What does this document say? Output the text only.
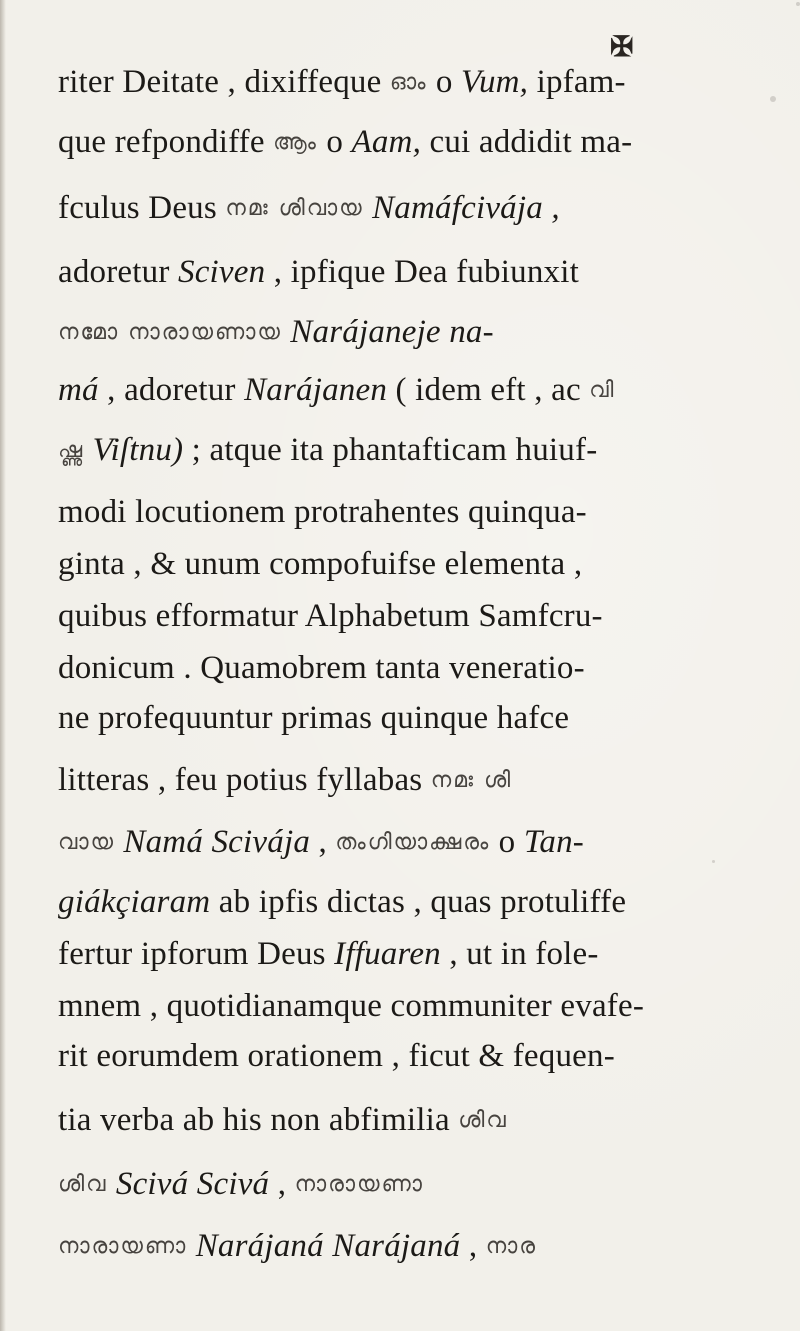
✠
riter Deitate , dixiffeque ഓം o Vum, ipfam-
que refpondiffe ആം o Aam, cui addidit ma-
fculus Deus നമഃ ശിവായ Namáfcivája ,
adoretur Sciven , ipfique Dea fubiunxit
നമോ നാരായണായ Narájaneje na-
má , adoretur Narájanen ( idem eft , ac വി
ഷ്ണു Viſtnu) ; atque ita phantafticam huiuf-
modi locutionem protrahentes quinqua-
ginta , & unum compofuifse elementa ,
quibus efformatur Alphabetum Samfcru-
donicum . Quamobrem tanta veneratio-
ne profequuntur primas quinque hafce
litteras , feu potius fyllabas നമഃ ശി
വായ Namá Scivája , തംഗിയാക്ഷരം o Tan-
giákçiaram ab ipfis dictas , quas protuliffe
fertur ipforum Deus Iffuaren , ut in fole-
mnem , quotidianamque communiter evafe-
rit eorumdem orationem , ficut & fequen-
tia verba ab his non abfimilia ശിവ
ശിവ Scivá Scivá , നാരായണാ
നാരായണാ Narájaná Narájaná , നാര
